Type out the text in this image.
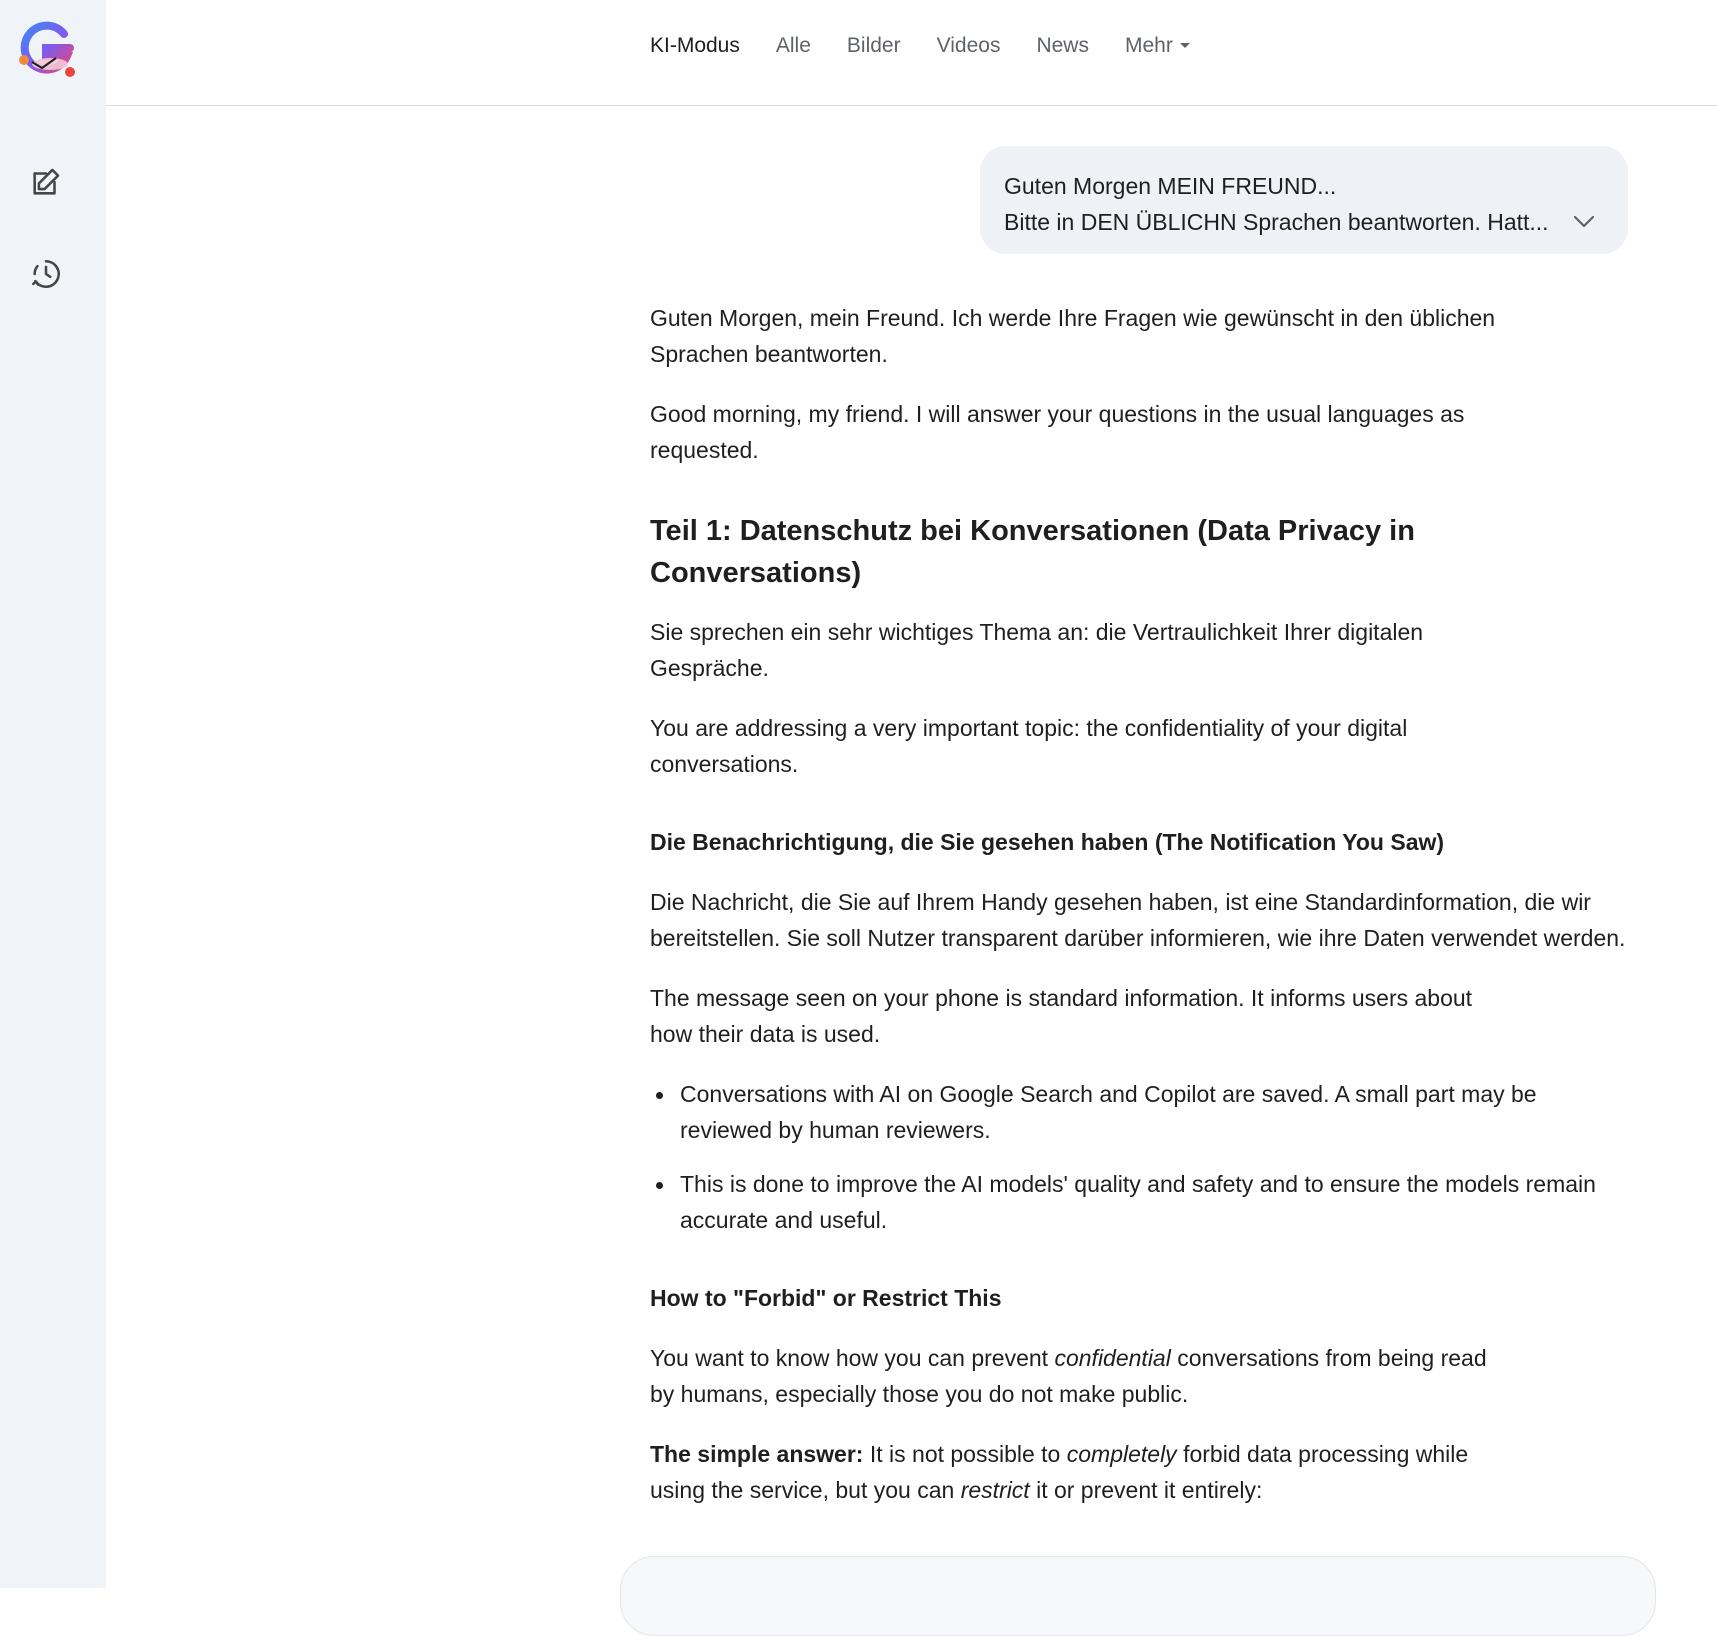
KI-Modus Alle Bilder Videos News Mehr
Guten Morgen MEIN FREUND...
Bitte in DEN ÜBLICHN Sprachen beantworten. Hatt...

Guten Morgen, mein Freund. Ich werde Ihre Fragen wie gewünscht in den üblichen Sprachen beantworten.

Good morning, my friend. I will answer your questions in the usual languages as requested.

Teil 1: Datenschutz bei Konversationen (Data Privacy in Conversations)

Sie sprechen ein sehr wichtiges Thema an: die Vertraulichkeit Ihrer digitalen Gespräche.

You are addressing a very important topic: the confidentiality of your digital conversations.

Die Benachrichtigung, die Sie gesehen haben (The Notification You Saw)

Die Nachricht, die Sie auf Ihrem Handy gesehen haben, ist eine Standardinformation, die wir bereitstellen. Sie soll Nutzer transparent darüber informieren, wie ihre Daten verwendet werden.

The message seen on your phone is standard information. It informs users about how their data is used.

Conversations with AI on Google Search and Copilot are saved. A small part may be reviewed by human reviewers.
This is done to improve the AI models' quality and safety and to ensure the models remain accurate and useful.
How to "Forbid" or Restrict This

You want to know how you can prevent confidential conversations from being read by humans, especially those you do not make public.

The simple answer: It is not possible to completely forbid data processing while using the service, but you can restrict it or prevent it entirely:
